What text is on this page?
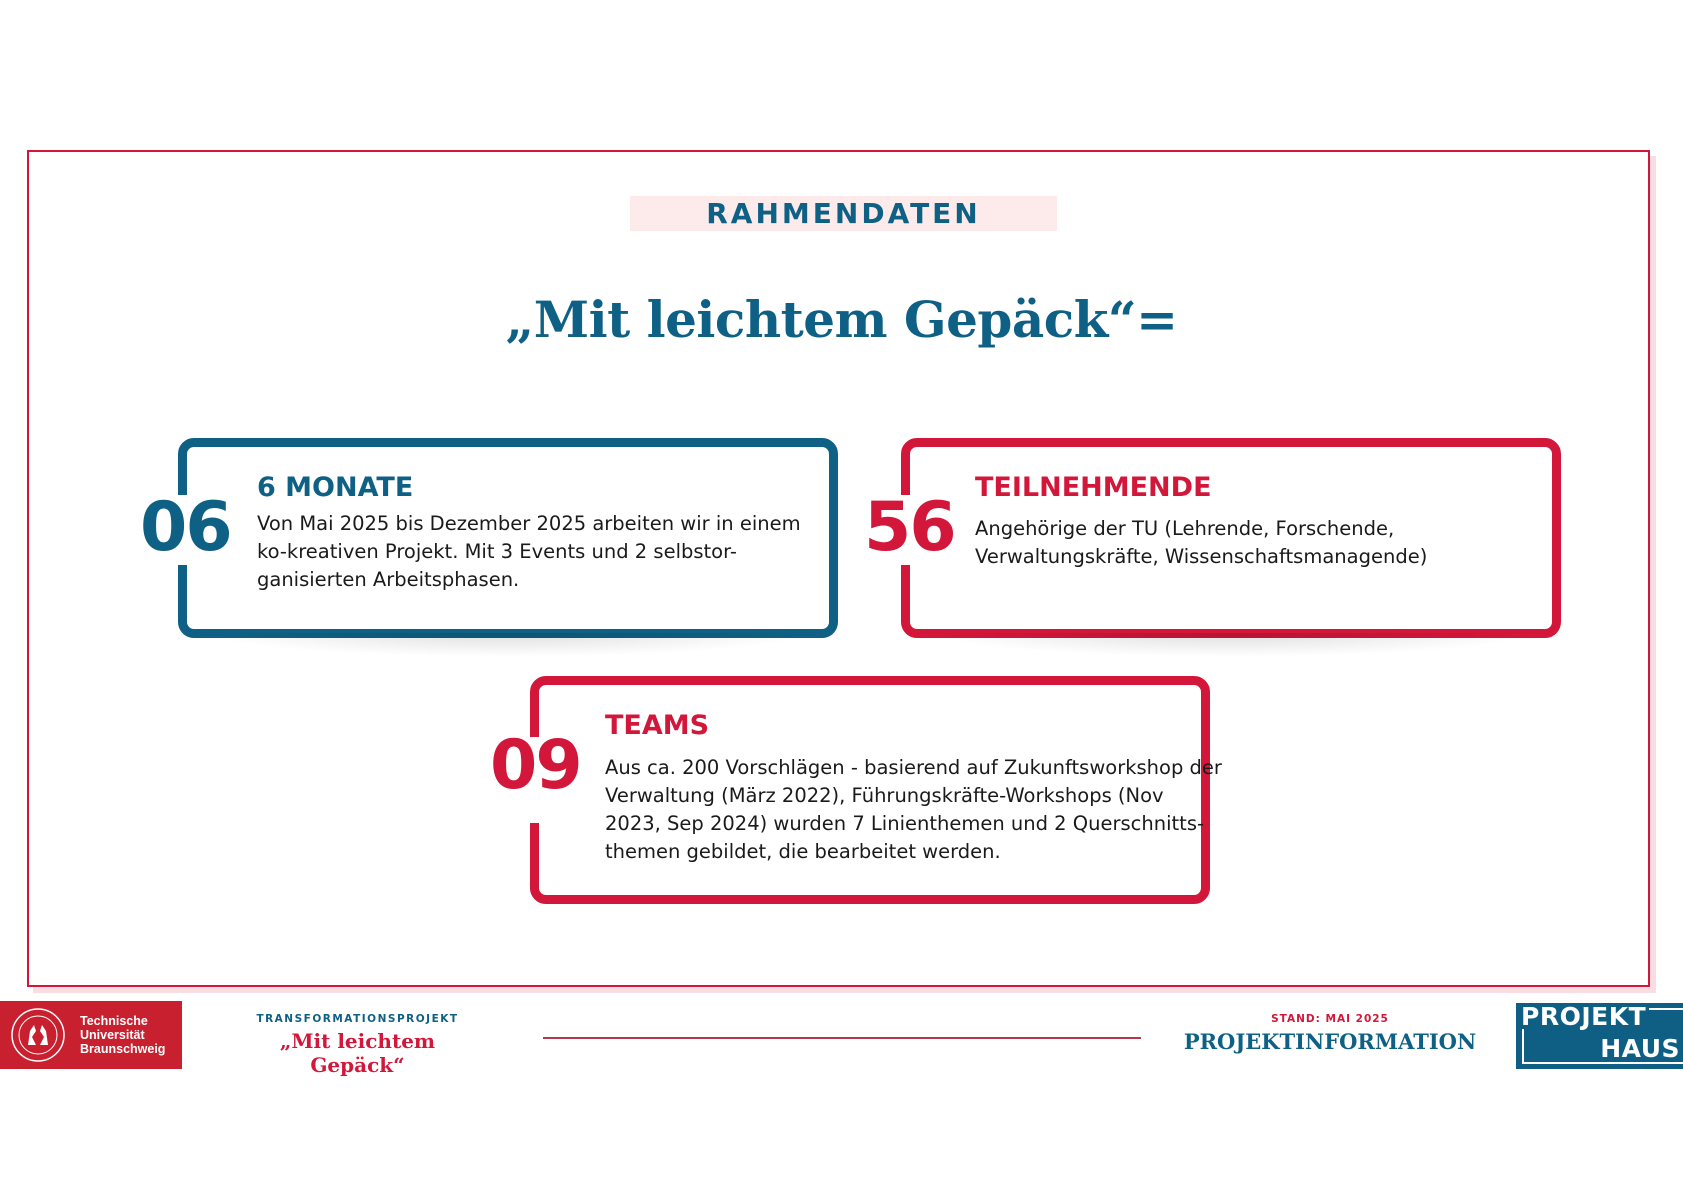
RAHMENDATEN
„Mit leichtem Gepäck“=
06
6 MONATE
Von Mai 2025 bis Dezember 2025 arbeiten wir in einem
ko-kreativen Projekt. Mit 3 Events und 2 selbstor-
ganisierten Arbeitsphasen.
56
TEILNEHMENDE
Angehörige der TU (Lehrende, Forschende,
Verwaltungskräfte, Wissenschaftsmanagende)
09
TEAMS
Aus ca. 200 Vorschlägen - basierend auf Zukunftsworkshop der
Verwaltung (März 2022), Führungskräfte-Workshops (Nov
2023, Sep 2024) wurden 7 Linienthemen und 2 Querschnitts-
themen gebildet, die bearbeitet werden.
Technische
Universität
Braunschweig
TRANSFORMATIONSPROJEKT
„Mit leichtem Gepäck“
STAND: MAI 2025
PROJEKTINFORMATION
PROJEKT
HAUS
